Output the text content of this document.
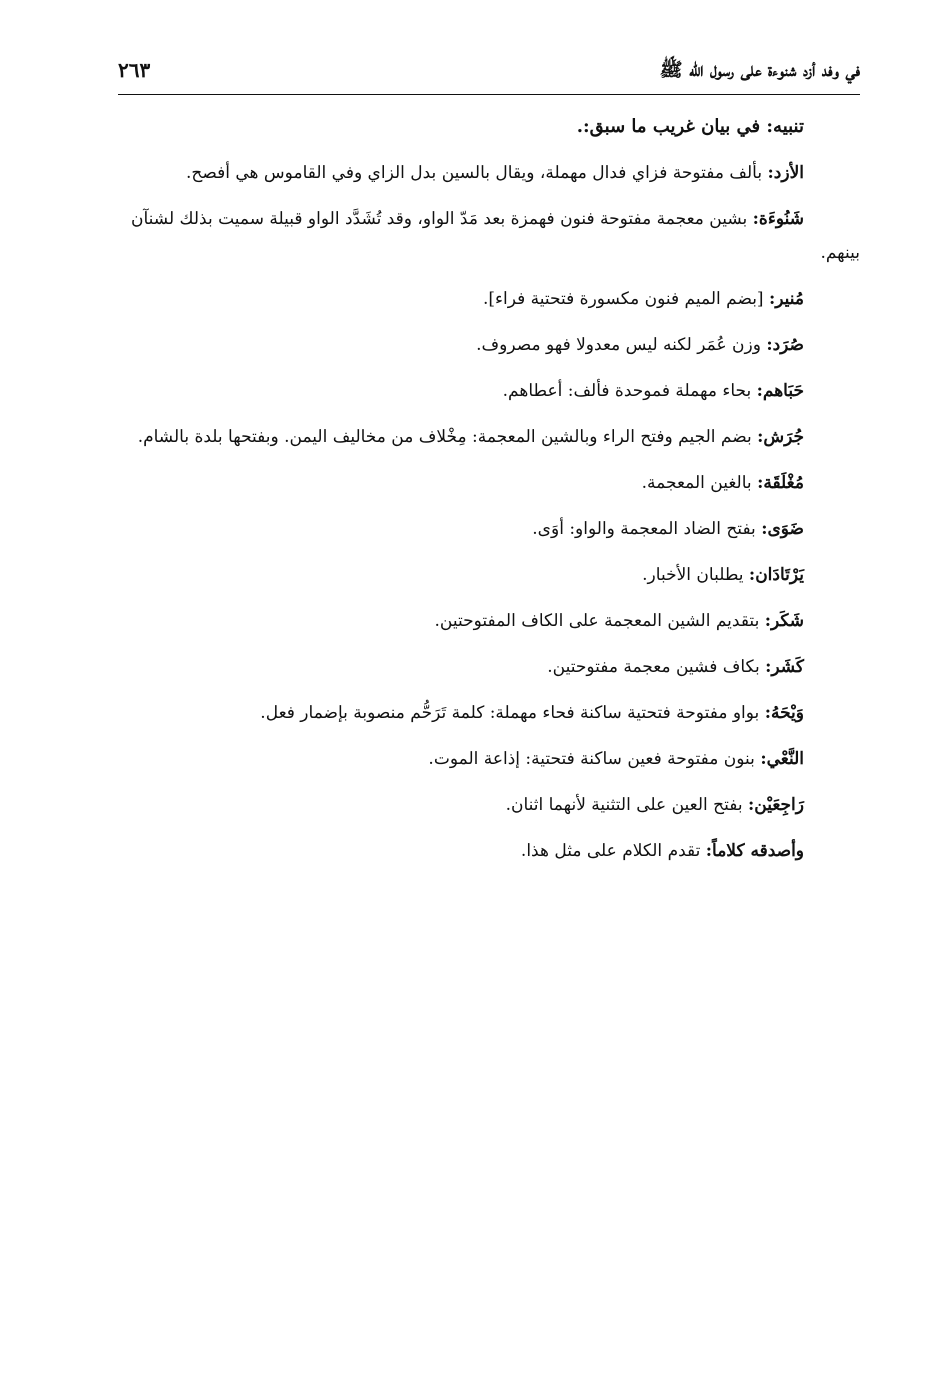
في وفد أزد شنوءة على رسول الله ﷺ
٢٦٣

تنبيه: في بيان غريب ما سبق:.

الأزد: بألف مفتوحة فزاي فدال مهملة، ويقال بالسين بدل الزاي وفي القاموس هي أفصح.

شَنُوءَة: بشين معجمة مفتوحة فنون فهمزة بعد مَدّ الواو، وقد تُشَدَّد الواو قبيلة سميت بذلك لشنآن بينهم.

مُنير: [بضم الميم فنون مكسورة فتحتية فراء].

صُرَد: وزن عُمَر لكنه ليس معدولا فهو مصروف.

حَبَاهم: بحاء مهملة فموحدة فألف: أعطاهم.

جُرَش: بضم الجيم وفتح الراء وبالشين المعجمة: مِخْلاف من مخاليف اليمن. وبفتحها بلدة بالشام.

مُغْلَقَة: بالغين المعجمة.

ضَوَى: بفتح الضاد المعجمة والواو: أوَى.

يَرْتَادَان: يطلبان الأخبار.

شَكَر: بتقديم الشين المعجمة على الكاف المفتوحتين.

كَشَر: بكاف فشين معجمة مفتوحتين.

وَيْحَهُ: بواو مفتوحة فتحتية ساكنة فحاء مهملة: كلمة تَرَحُّم منصوبة بإضمار فعل.

النَّعْي: بنون مفتوحة فعين ساكنة فتحتية: إذاعة الموت.

رَاجِعَيْن: بفتح العين على التثنية لأنهما اثنان.

وأصدقه كلاماً: تقدم الكلام على مثل هذا.
